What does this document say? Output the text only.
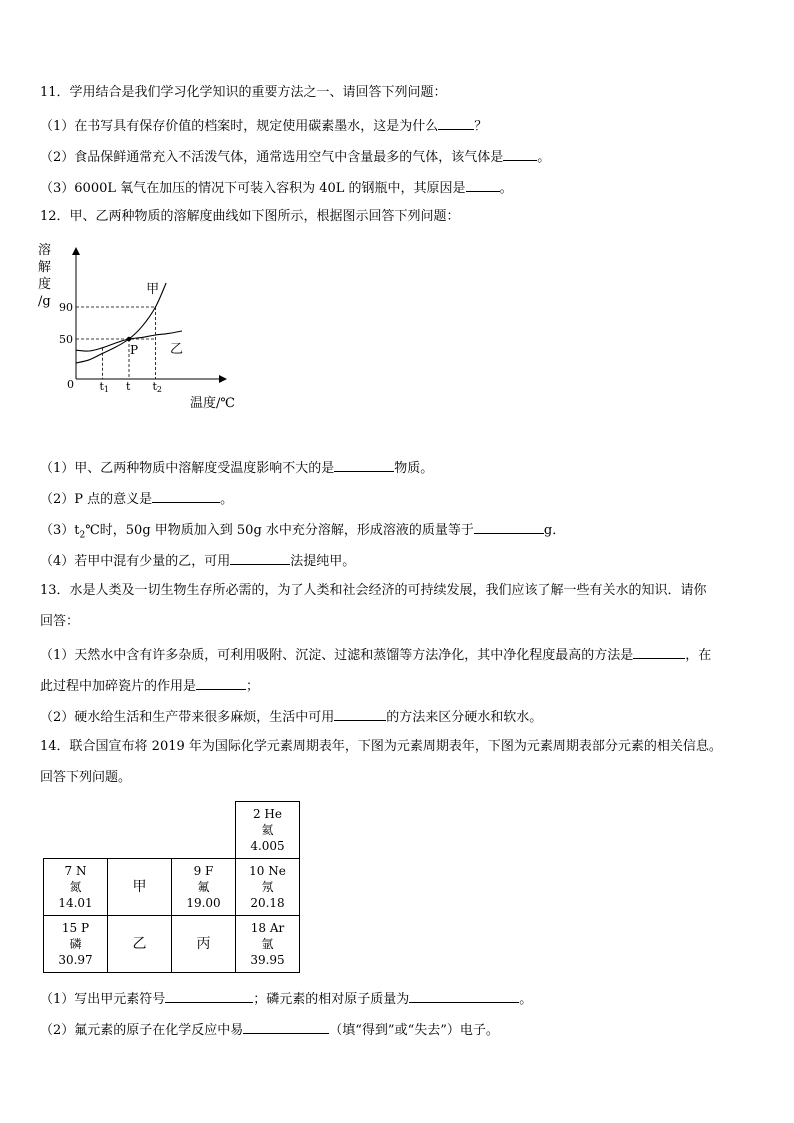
11．学用结合是我们学习化学知识的重要方法之一、请回答下列问题：
（1）在书写具有保存价值的档案时，规定使用碳素墨水，这是为什么	？
（2）食品保鲜通常充入不活泼气体，通常选用空气中含量最多的气体，该气体是	。
（3）6000L 氧气在加压的情况下可装入容积为 40L 的钢瓶中，其原因是	。
12．甲、乙两种物质的溶解度曲线如下图所示，根据图示回答下列问题：
溶
解
度
/g
0
50
90
t1 t t2
甲
乙
P
温度/℃
（1）甲、乙两种物质中溶解度受温度影响不大的是	物质。
（2）P 点的意义是	。
$(3)t_2℃$时，50g 甲物质加入到 50g 水中充分溶解，形成溶液的质量等于	g．
（4）若甲中混有少量的乙，可用	法提纯甲。
13．水是人类及一切生物生存所必需的，为了人类和社会经济的可持续发展，我们应该了解一些有关水的知识．请你
回答：
（1）天然水中含有许多杂质，可利用吸附、沉淀、过滤和蒸馏等方法净化，其中净化程度最高的方法是	，在
此过程中加碎瓷片的作用是	；
（2）硬水给生活和生产带来很多麻烦，生活中可用	的方法来区分硬水和软水。
14．联合国宣布将 2019 年为国际化学元素周期表年，下图为元素周期表年，下图为元素周期表部分元素的相关信息。
回答下列问题。
			2 He
氦
4.005
7 N
氮
14.01	甲	9 F
氟
19.00	10 Ne
氖
20.18
15 P
磷
30.97	乙	丙	18 Ar
氩
39.95
（1）写出甲元素符号	；磷元素的相对原子质量为	。
（2）氟元素的原子在化学反应中易	（填“得到”或“失去”）电子。
